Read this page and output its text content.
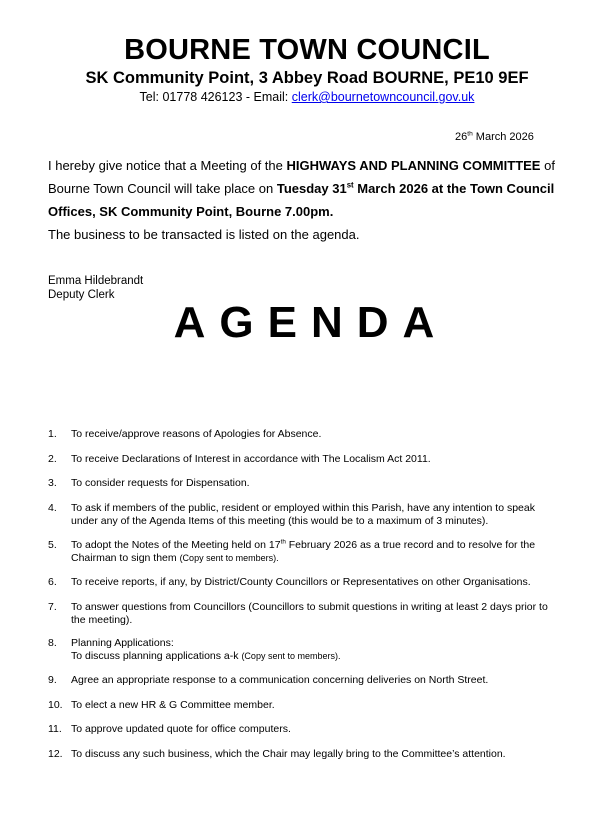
BOURNE TOWN COUNCIL
SK Community Point, 3 Abbey Road BOURNE, PE10 9EF
Tel: 01778 426123 - Email: clerk@bournetowncouncil.gov.uk
26th March 2026
I hereby give notice that a Meeting of the HIGHWAYS AND PLANNING COMMITTEE of Bourne Town Council will take place on Tuesday 31st March 2026 at the Town Council Offices, SK Community Point, Bourne 7.00pm.
The business to be transacted is listed on the agenda.
Emma Hildebrandt
Deputy Clerk
AGENDA
1. To receive/approve reasons of Apologies for Absence.
2. To receive Declarations of Interest in accordance with The Localism Act 2011.
3. To consider requests for Dispensation.
4. To ask if members of the public, resident or employed within this Parish, have any intention to speak under any of the Agenda Items of this meeting (this would be to a maximum of 3 minutes).
5. To adopt the Notes of the Meeting held on 17th February 2026 as a true record and to resolve for the Chairman to sign them (Copy sent to members).
6. To receive reports, if any, by District/County Councillors or Representatives on other Organisations.
7. To answer questions from Councillors (Councillors to submit questions in writing at least 2 days prior to the meeting).
8. Planning Applications:
To discuss planning applications a-k (Copy sent to members).
9. Agree an appropriate response to a communication concerning deliveries on North Street.
10. To elect a new HR & G Committee member.
11. To approve updated quote for office computers.
12. To discuss any such business, which the Chair may legally bring to the Committee’s attention.
